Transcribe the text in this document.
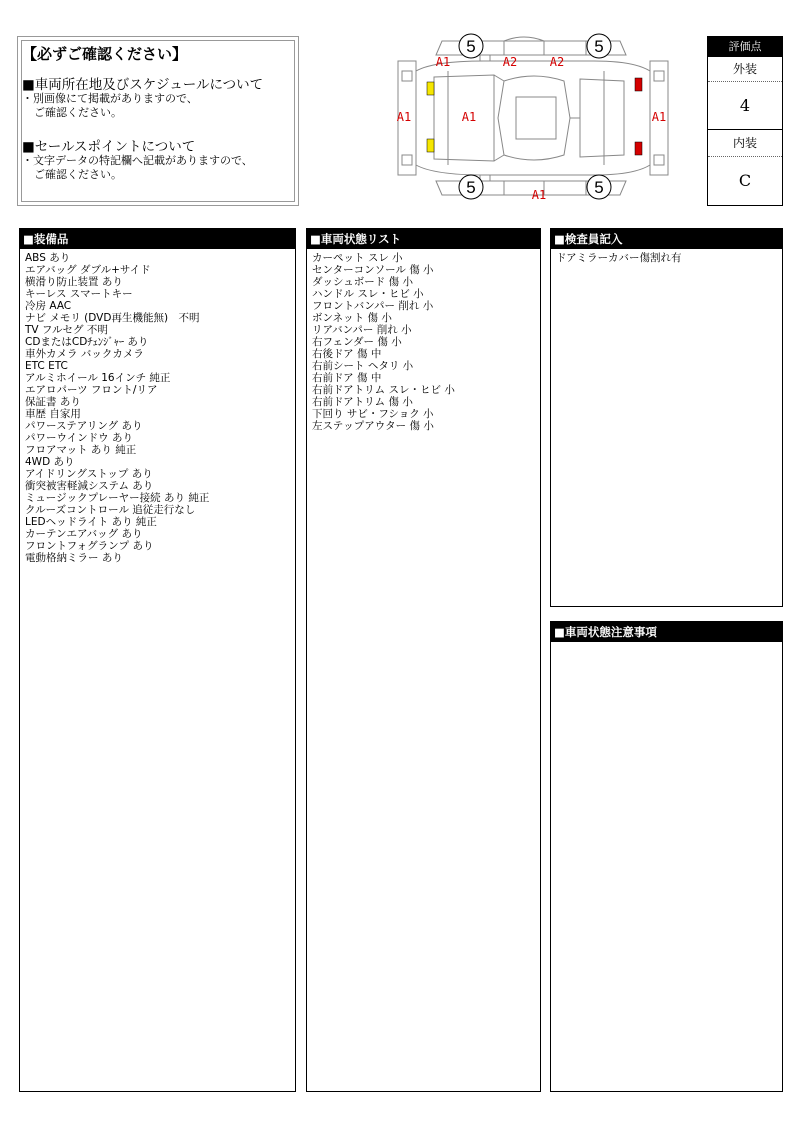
【必ずご確認ください】
■車両所在地及びスケジュールについて
・別画像にて掲載がありますので、
ご確認ください。
■セールスポイントについて
・文字データの特記欄へ記載がありますので、
ご確認ください。
5	5
5	5
A1	A2	A2
A1	A1	A1
A1
評価点
外装
4
内装
C
■装備品
ABS あり
エアバッグ ダブル+サイド
横滑り防止装置 あり
キーレス スマートキー
冷房 AAC
ナビ メモリ (DVD再生機能無)　不明
TV フルセグ 不明
CDまたはCDﾁｪﾝｼﾞｬｰ あり
車外カメラ バックカメラ
ETC ETC
アルミホイール 16インチ 純正
エアロパーツ フロント/リア
保証書 あり
車歴 自家用
パワーステアリング あり
パワーウインドウ あり
フロアマット あり 純正
4WD あり
アイドリングストップ あり
衝突被害軽減システム あり
ミュージックプレーヤー接続 あり 純正
クルーズコントロール 追従走行なし
LEDヘッドライト あり 純正
カーテンエアバッグ あり
フロントフォグランプ あり
電動格納ミラー あり
■車両状態リスト
カーペット スレ 小
センターコンソール 傷 小
ダッシュボード 傷 小
ハンドル スレ・ヒビ 小
フロントバンパー 削れ 小
ボンネット 傷 小
リアバンパー 削れ 小
右フェンダー 傷 小
右後ドア 傷 中
右前シート ヘタリ 小
右前ドア 傷 中
右前ドアトリム スレ・ヒビ 小
右前ドアトリム 傷 小
下回り サビ・フショク 小
左ステップアウター 傷 小
■検査員記入
ドアミラーカバー傷割れ有
■車両状態注意事項
